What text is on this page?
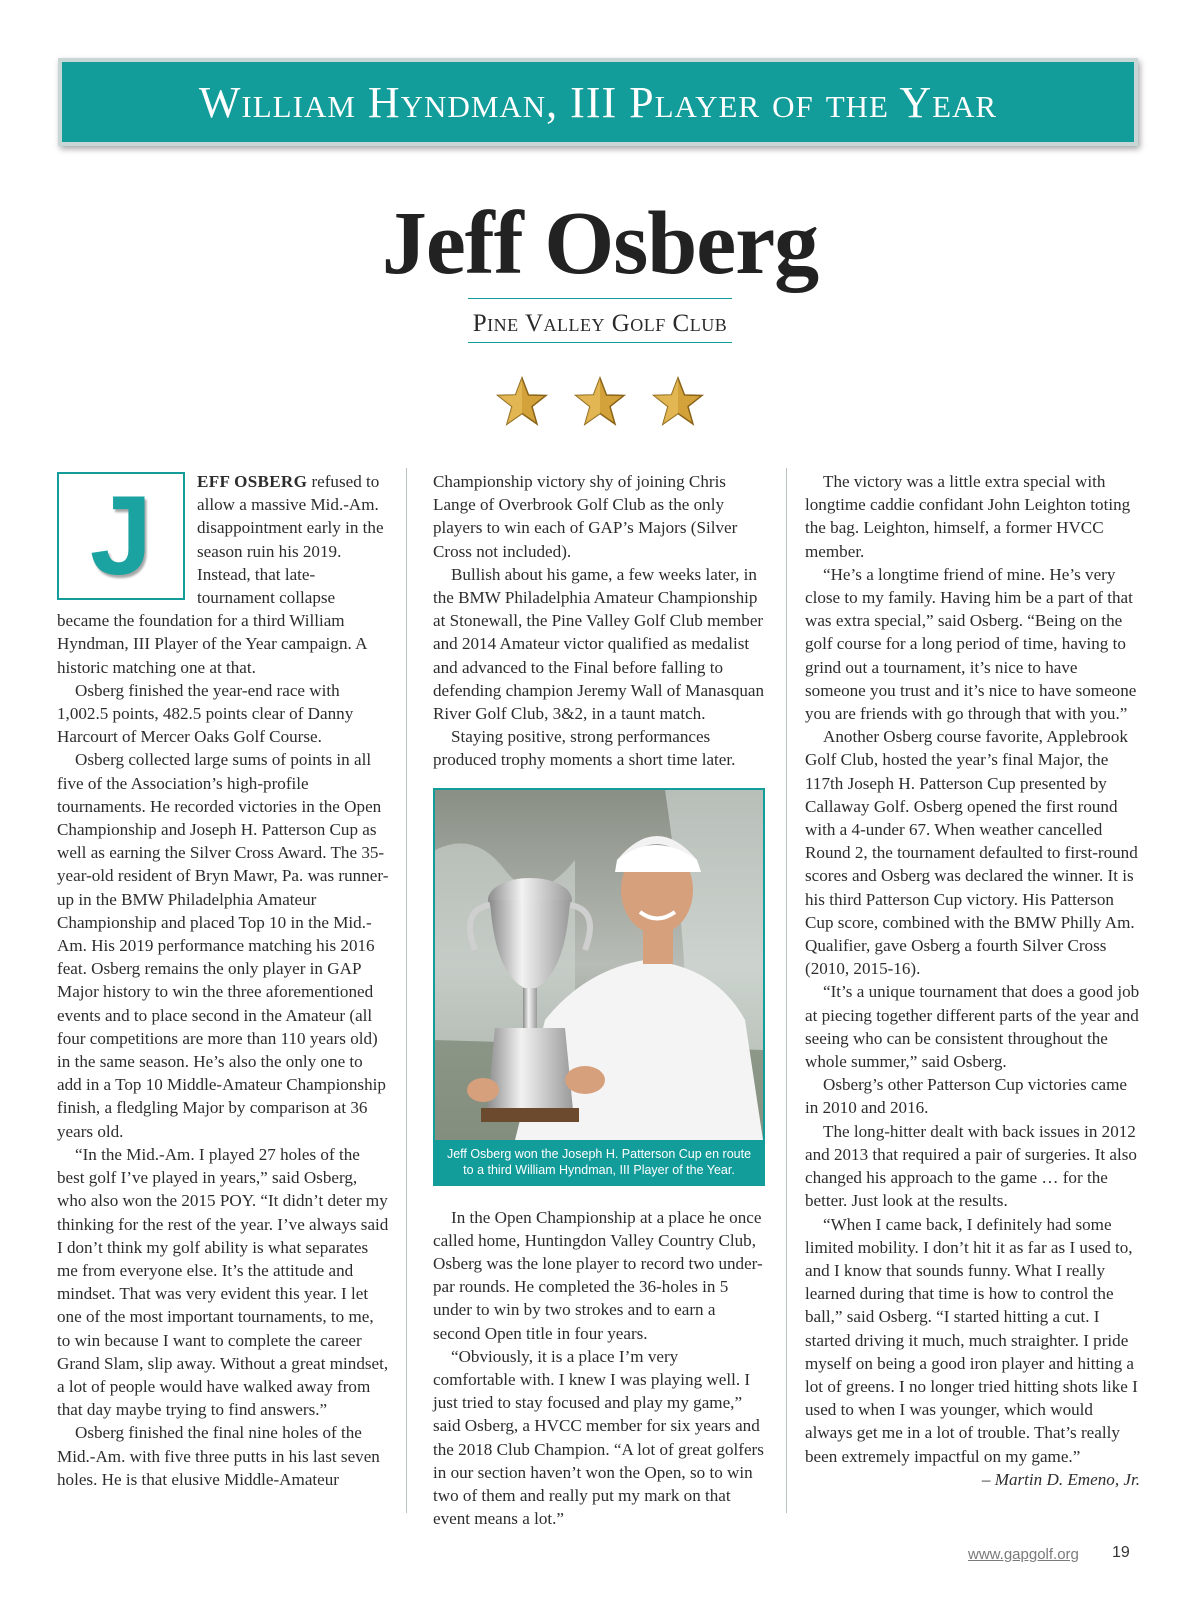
William Hyndman, III Player of the Year
Jeff Osberg
Pine Valley Golf Club

J	EFF OSBERG refused to allow a massive Mid.-Am. disappointment early in the season ruin his 2019. Instead, that late-tournament collapse became the foundation for a third William Hyndman, III Player of the Year campaign. A historic matching one at that.

Osberg finished the year-end race with 1,002.5 points, 482.5 points clear of Danny Harcourt of Mercer Oaks Golf Course.

Osberg collected large sums of points in all five of the Association’s high-profile tournaments. He recorded victories in the Open Championship and Joseph H. Patterson Cup as well as earning the Silver Cross Award. The 35-year-old resident of Bryn Mawr, Pa. was runner-up in the BMW Philadelphia Amateur Championship and placed Top 10 in the Mid.-Am. His 2019 performance matching his 2016 feat. Osberg remains the only player in GAP Major history to win the three aforementioned events and to place second in the Amateur (all four competitions are more than 110 years old) in the same season. He’s also the only one to add in a Top 10 Middle-Amateur Championship finish, a fledgling Major by comparison at 36 years old.

“In the Mid.-Am. I played 27 holes of the best golf I’ve played in years,” said Osberg, who also won the 2015 POY. “It didn’t deter my thinking for the rest of the year. I’ve always said I don’t think my golf ability is what separates me from everyone else. It’s the attitude and mindset. That was very evident this year. I let one of the most important tournaments, to me, to win because I want to complete the career Grand Slam, slip away. Without a great mindset, a lot of people would have walked away from that day maybe trying to find answers.”

Osberg finished the final nine holes of the Mid.-Am. with five three putts in his last seven holes. He is that elusive Middle-Amateur

Championship victory shy of joining Chris Lange of Overbrook Golf Club as the only players to win each of GAP’s Majors (Silver Cross not included).

Bullish about his game, a few weeks later, in the BMW Philadelphia Amateur Championship at Stonewall, the Pine Valley Golf Club member and 2014 Amateur victor qualified as medalist and advanced to the Final before falling to defending champion Jeremy Wall of Manasquan River Golf Club, 3&2, in a taunt match.

Staying positive, strong performances produced trophy moments a short time later.

Jeff Osberg won the Joseph H. Patterson Cup en route to a third William Hyndman, III Player of the Year.

In the Open Championship at a place he once called home, Huntingdon Valley Country Club, Osberg was the lone player to record two under-par rounds. He completed the 36-holes in 5 under to win by two strokes and to earn a second Open title in four years.

“Obviously, it is a place I’m very comfortable with. I knew I was playing well. I just tried to stay focused and play my game,” said Osberg, a HVCC member for six years and the 2018 Club Champion. “A lot of great golfers in our section haven’t won the Open, so to win two of them and really put my mark on that event means a lot.”

The victory was a little extra special with longtime caddie confidant John Leighton toting the bag. Leighton, himself, a former HVCC member.

“He’s a longtime friend of mine. He’s very close to my family. Having him be a part of that was extra special,” said Osberg. “Being on the golf course for a long period of time, having to grind out a tournament, it’s nice to have someone you trust and it’s nice to have someone you are friends with go through that with you.”

Another Osberg course favorite, Applebrook Golf Club, hosted the year’s final Major, the 117th Joseph H. Patterson Cup presented by Callaway Golf. Osberg opened the first round with a 4-under 67. When weather cancelled Round 2, the tournament defaulted to first-round scores and Osberg was declared the winner. It is his third Patterson Cup victory. His Patterson Cup score, combined with the BMW Philly Am. Qualifier, gave Osberg a fourth Silver Cross (2010, 2015-16).

“It’s a unique tournament that does a good job at piecing together different parts of the year and seeing who can be consistent throughout the whole summer,” said Osberg.

Osberg’s other Patterson Cup victories came in 2010 and 2016.

The long-hitter dealt with back issues in 2012 and 2013 that required a pair of surgeries. It also changed his approach to the game … for the better. Just look at the results.

“When I came back, I definitely had some limited mobility. I don’t hit it as far as I used to, and I know that sounds funny. What I really learned during that time is how to control the ball,” said Osberg. “I started hitting a cut. I started driving it much, much straighter. I pride myself on being a good iron player and hitting a lot of greens. I no longer tried hitting shots like I used to when I was younger, which would always get me in a lot of trouble. That’s really been extremely impactful on my game.”

– Martin D. Emeno, Jr.

www.gapgolf.org 19
